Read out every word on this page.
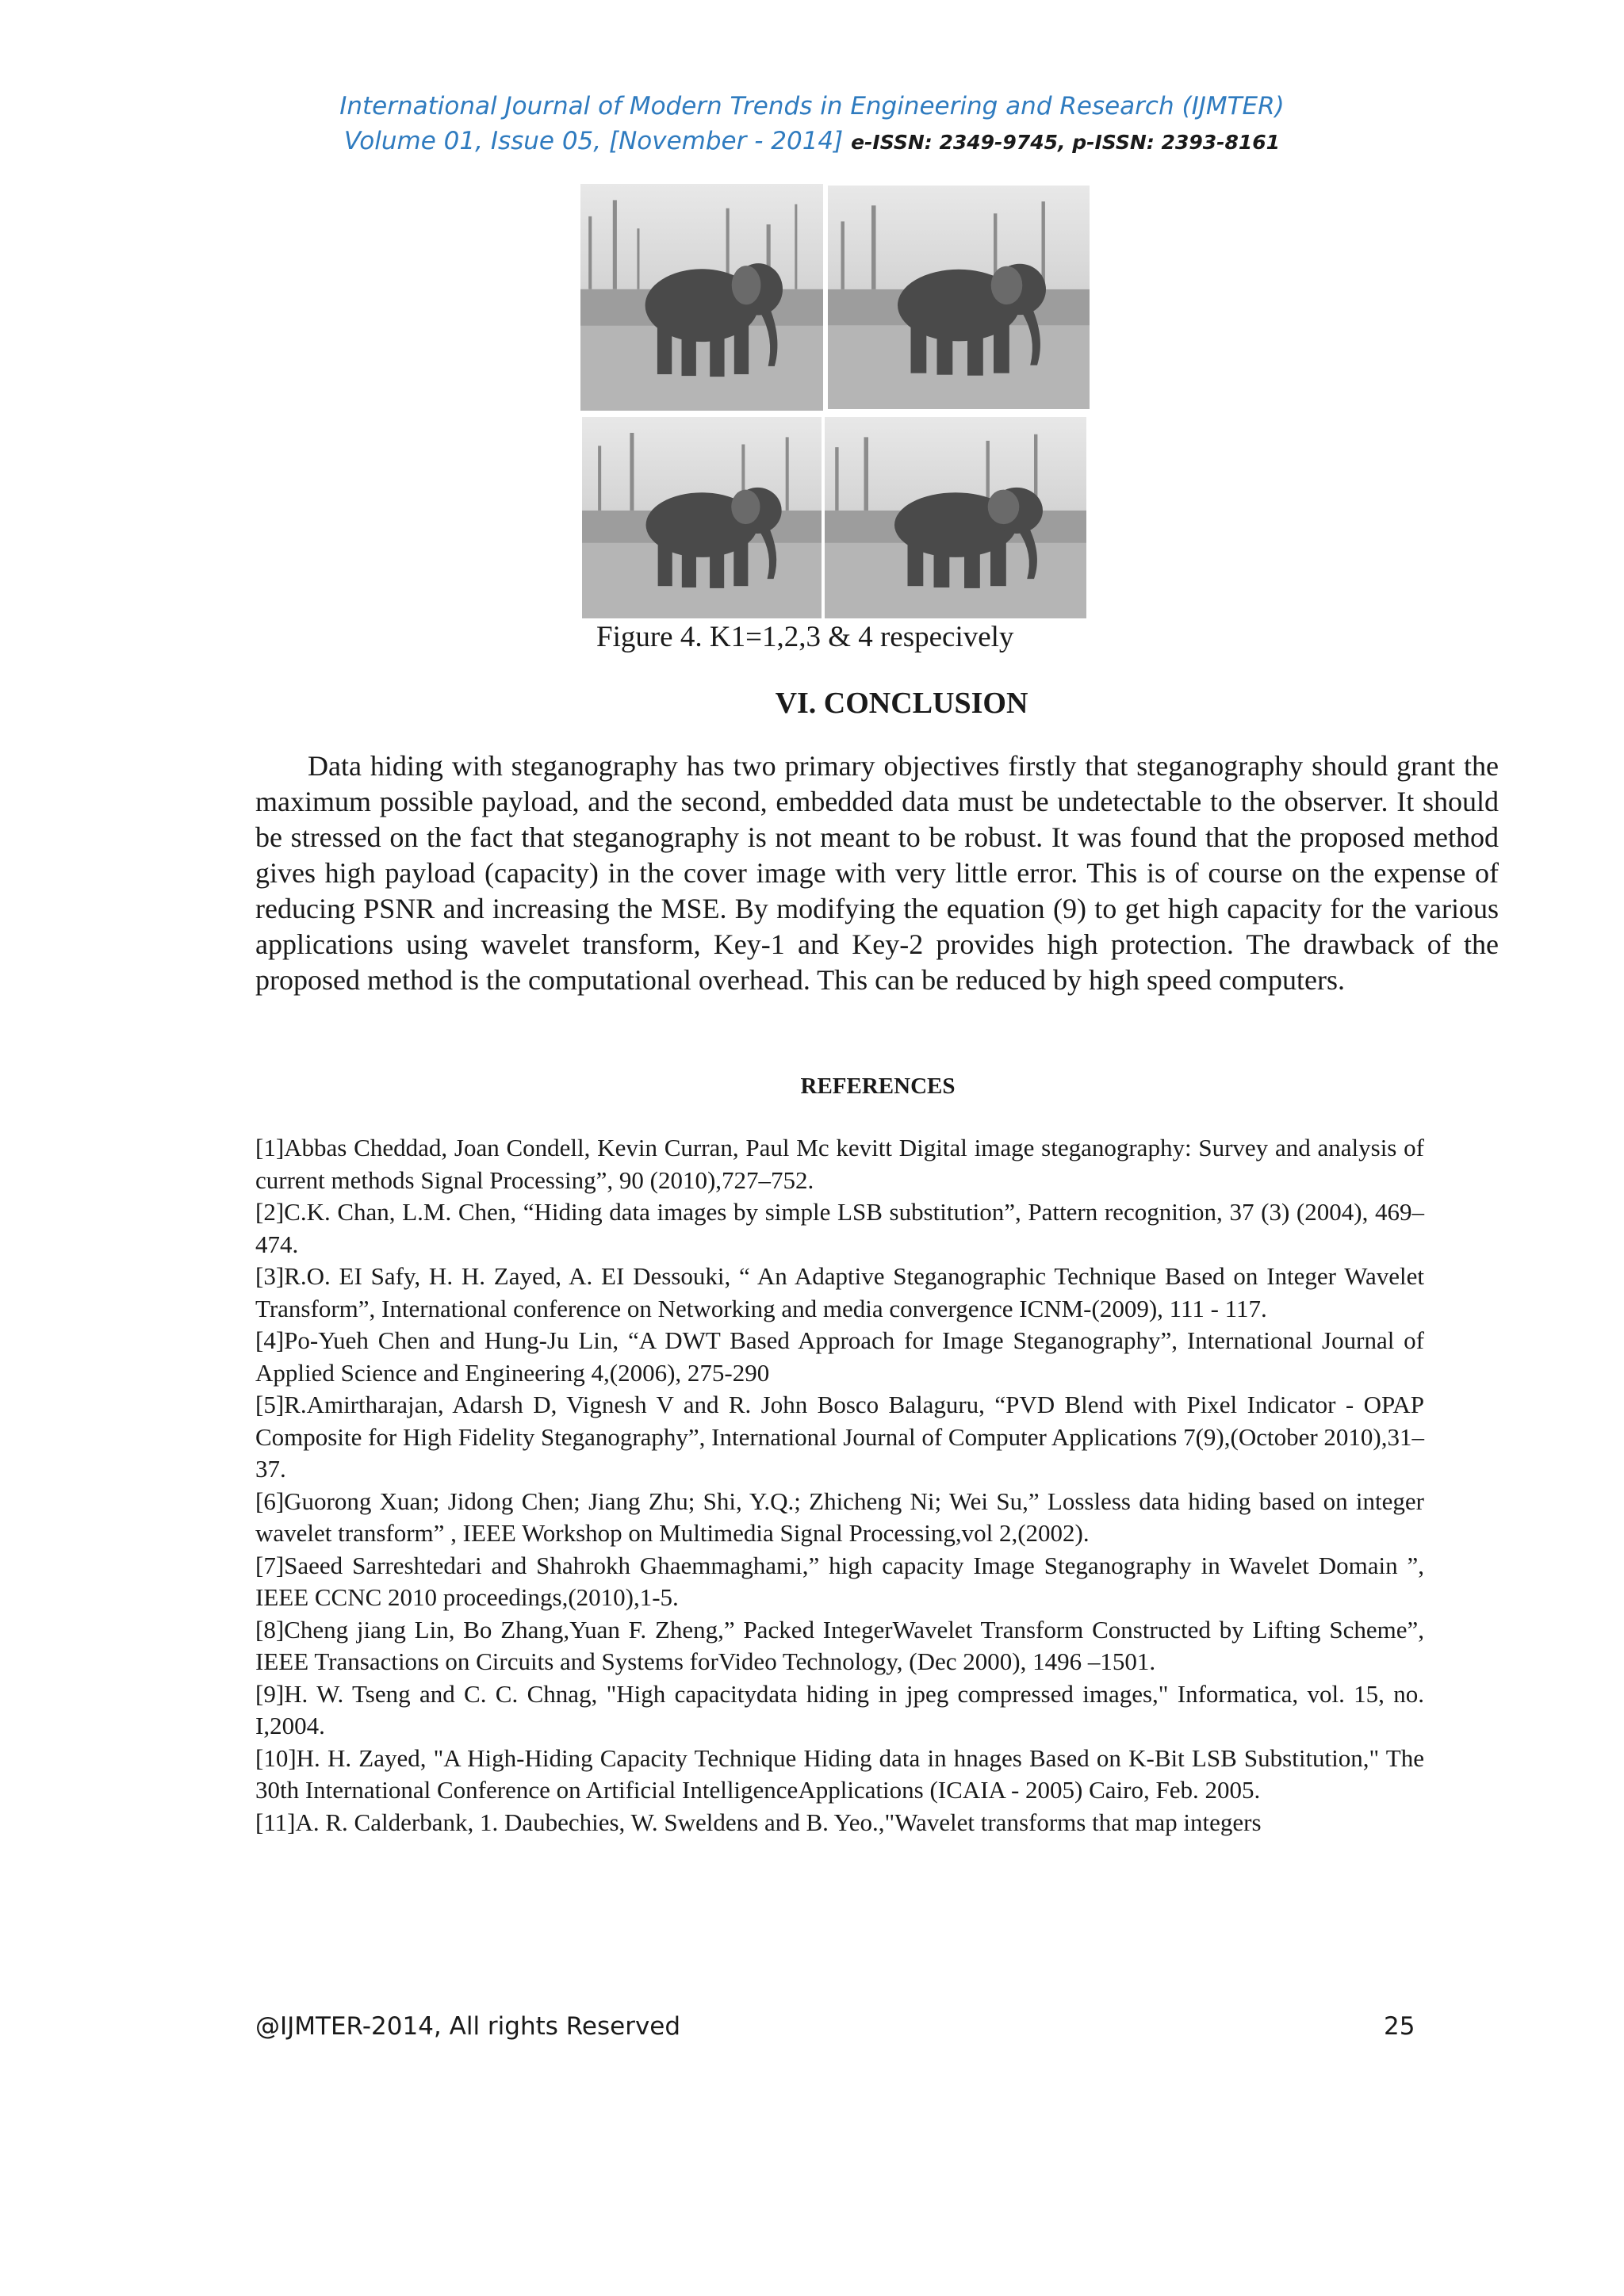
International Journal of Modern Trends in Engineering and Research (IJMTER)
Volume 01, Issue 05, [November - 2014] e-ISSN: 2349-9745, p-ISSN: 2393-8161
Figure 4. K1=1,2,3 & 4 respecively
VI. CONCLUSION

Data hiding with steganography has two primary objectives firstly that steganography should grant the maximum possible payload, and the second, embedded data must be undetectable to the observer. It should be stressed on the fact that steganography is not meant to be robust. It was found that the proposed method gives high payload (capacity) in the cover image with very little error. This is of course on the expense of reducing PSNR and increasing the MSE. By modifying the equation (9) to get high capacity for the various applications using wavelet transform, Key-1 and Key-2 provides high protection. The drawback of the proposed method is the computational overhead. This can be reduced by high speed computers.

REFERENCES
[1]Abbas Cheddad, Joan Condell, Kevin Curran, Paul Mc kevitt Digital image steganography: Survey and analysis of current methods Signal Processing”, 90 (2010),727–752.
[2]C.K. Chan, L.M. Chen, “Hiding data images by simple LSB substitution”, Pattern recognition, 37 (3) (2004), 469–474.
[3]R.O. EI Safy, H. H. Zayed, A. EI Dessouki, “ An Adaptive Steganographic Technique Based on Integer Wavelet Transform”, International conference on Networking and media convergence ICNM-(2009), 111 - 117.
[4]Po-Yueh Chen and Hung-Ju Lin, “A DWT Based Approach for Image Steganography”, International Journal of Applied Science and Engineering 4,(2006), 275-290
[5]R.Amirtharajan, Adarsh D, Vignesh V and R. John Bosco Balaguru, “PVD Blend with Pixel Indicator - OPAP Composite for High Fidelity Steganography”, International Journal of Computer Applications 7(9),(October 2010),31–37.
[6]Guorong Xuan; Jidong Chen; Jiang Zhu; Shi, Y.Q.; Zhicheng Ni; Wei Su,” Lossless data hiding based on integer wavelet transform” , IEEE Workshop on Multimedia Signal Processing,vol 2,(2002).
[7]Saeed Sarreshtedari and Shahrokh Ghaemmaghami,” high capacity Image Steganography in Wavelet Domain ”, IEEE CCNC 2010 proceedings,(2010),1-5.
[8]Cheng jiang Lin, Bo Zhang,Yuan F. Zheng,” Packed IntegerWavelet Transform Constructed by Lifting Scheme”, IEEE Transactions on Circuits and Systems forVideo Technology, (Dec 2000), 1496 –1501.
[9]H. W. Tseng and C. C. Chnag, "High capacitydata hiding in jpeg compressed images," Informatica, vol. 15, no. I,2004.
[10]H. H. Zayed, "A High-Hiding Capacity Technique Hiding data in hnages Based on K-Bit LSB Substitution," The 30th International Conference on Artificial IntelligenceApplications (ICAIA - 2005) Cairo, Feb. 2005.
[11]A. R. Calderbank, 1. Daubechies, W. Sweldens and B. Yeo.,"Wavelet transforms that map integers
@IJMTER-2014, All rights Reserved	25
